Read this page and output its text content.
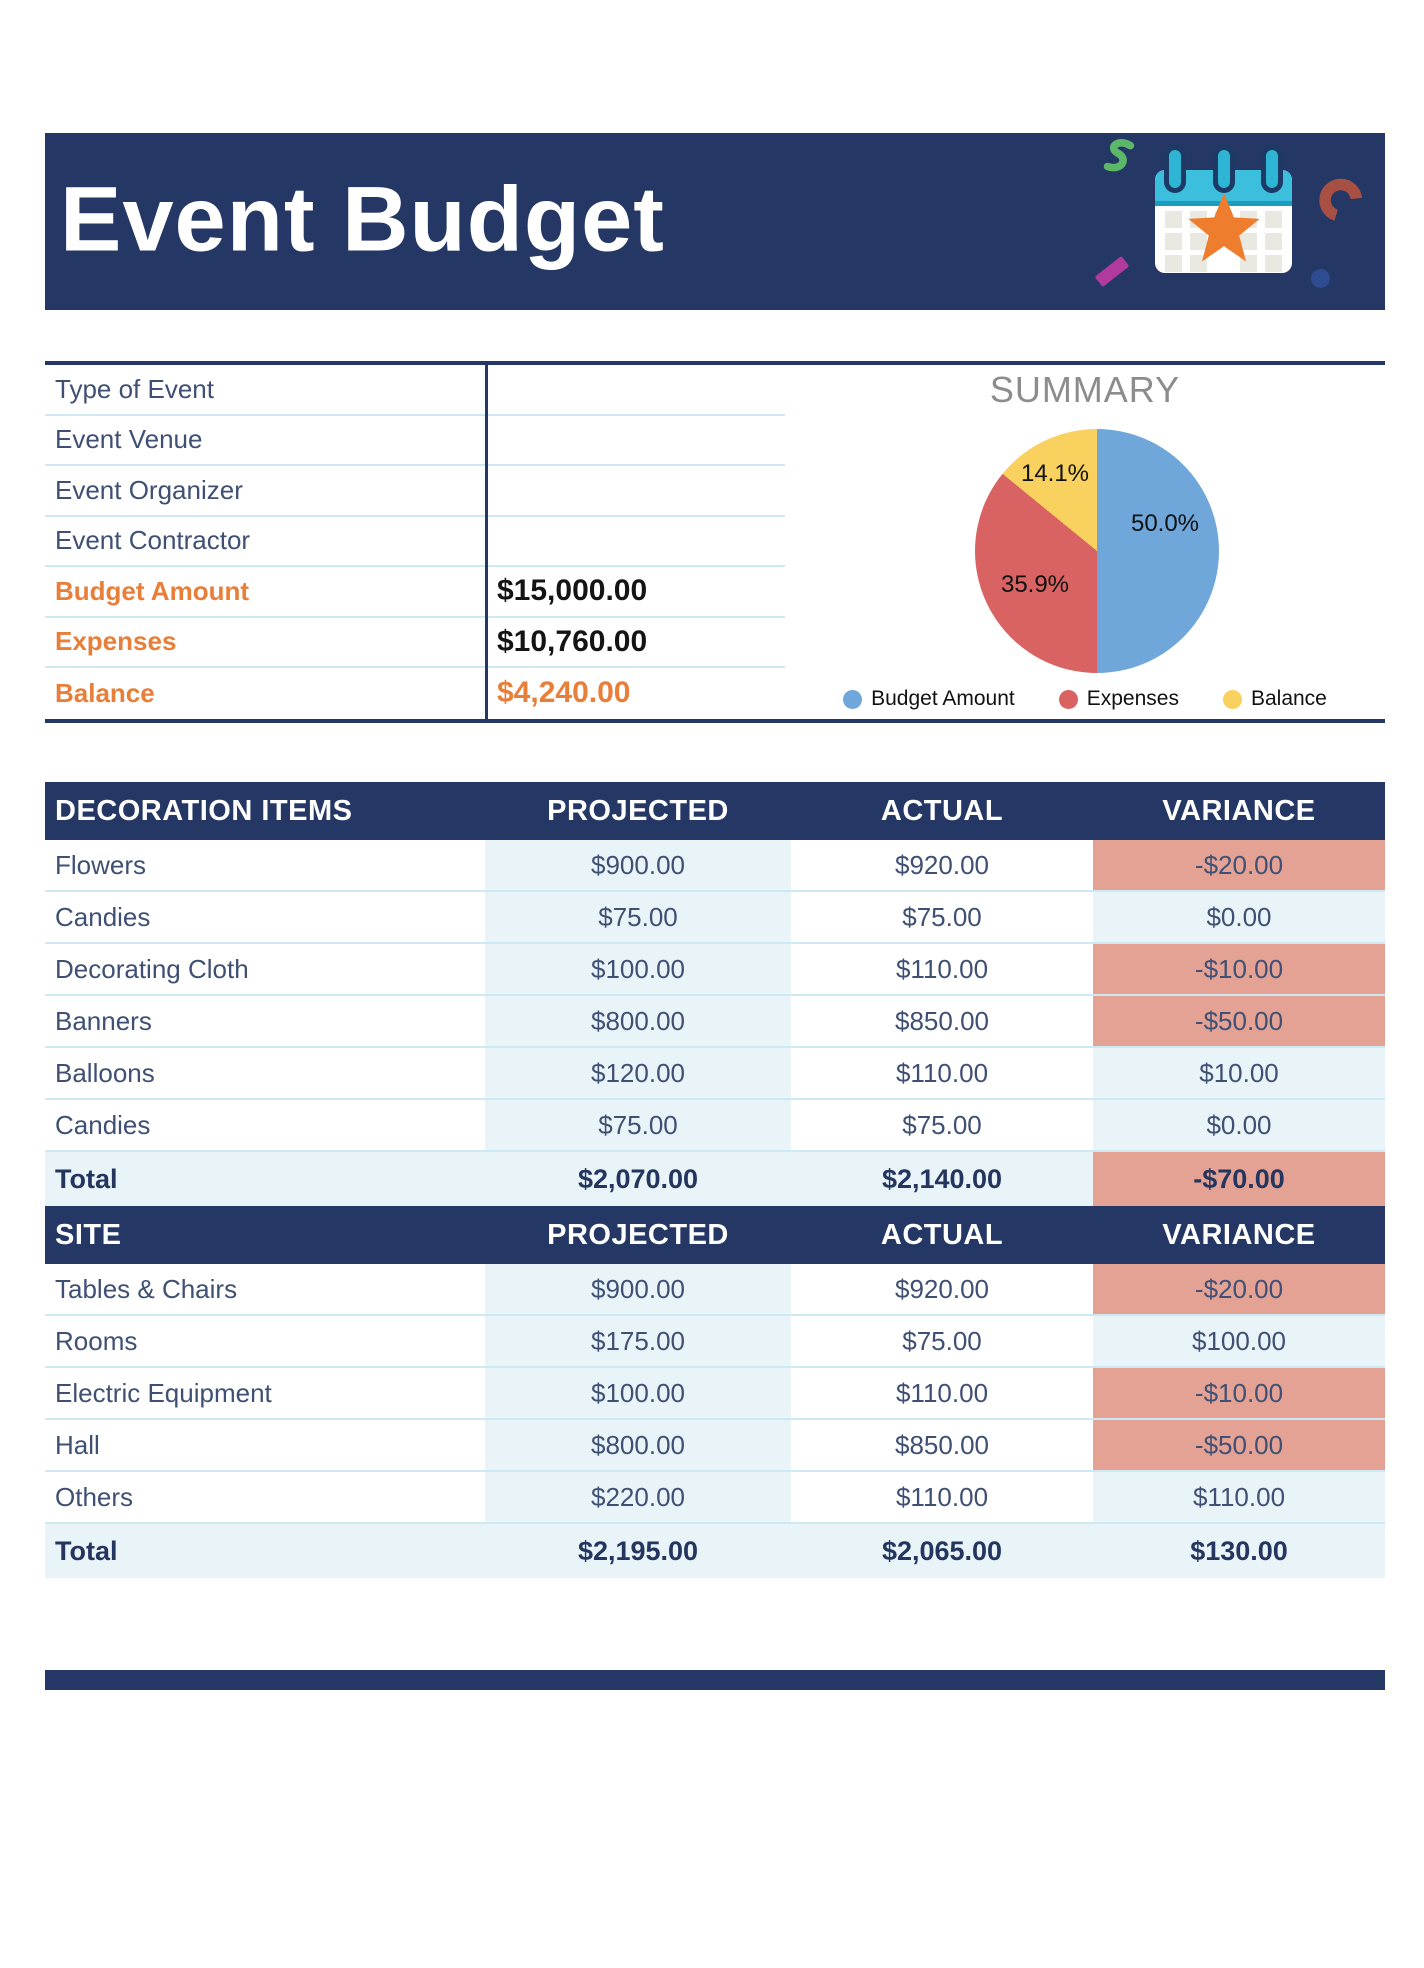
Event Budget
Type of Event
Event Venue
Event Organizer
Event Contractor
Budget Amount	$15,000.00
Expenses	$10,760.00
Balance	$4,240.00
SUMMARY
50.0%
35.9%
14.1%
Budget Amount	Expenses	Balance
DECORATION ITEMS	PROJECTED	ACTUAL	VARIANCE
Flowers	$900.00	$920.00	-$20.00
Candies	$75.00	$75.00	$0.00
Decorating Cloth	$100.00	$110.00	-$10.00
Banners	$800.00	$850.00	-$50.00
Balloons	$120.00	$110.00	$10.00
Candies	$75.00	$75.00	$0.00
Total	$2,070.00	$2,140.00	-$70.00
SITE	PROJECTED	ACTUAL	VARIANCE
Tables & Chairs	$900.00	$920.00	-$20.00
Rooms	$175.00	$75.00	$100.00
Electric Equipment	$100.00	$110.00	-$10.00
Hall	$800.00	$850.00	-$50.00
Others	$220.00	$110.00	$110.00
Total	$2,195.00	$2,065.00	$130.00
